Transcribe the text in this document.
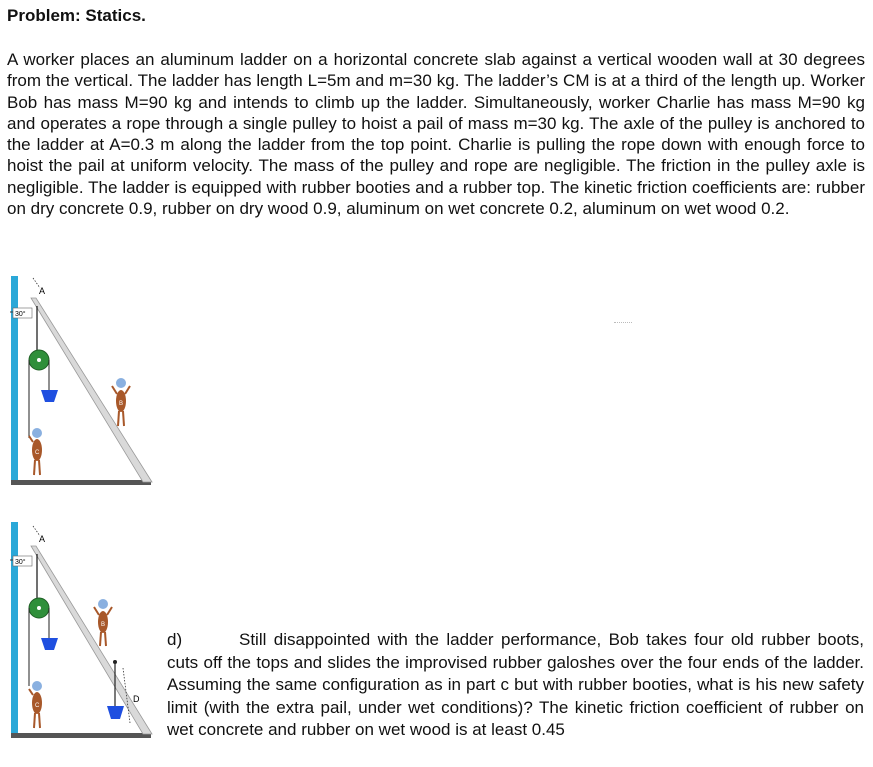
Problem: Statics.
A worker places an aluminum ladder on a horizontal concrete slab against a vertical wooden wall at 30 degrees from the vertical. The ladder has length L=5m and m=30 kg. The ladder’s CM is at a third of the length up. Worker Bob has mass M=90 kg and intends to climb up the ladder. Simultaneously, worker Charlie has mass M=90 kg and operates a rope through a single pulley to hoist a pail of mass m=30 kg. The axle of the pulley is anchored to the ladder at A=0.3 m along the ladder from the top point. Charlie is pulling the rope down with enough force to hoist the pail at uniform velocity. The mass of the pulley and rope are negligible. The friction in the pulley axle is negligible. The ladder is equipped with rubber booties and a rubber top. The kinetic friction coefficients are: rubber on dry concrete 0.9, rubber on dry wood 0.9, aluminum on wet concrete 0.2, aluminum on wet wood 0.2.
30°
A
C
B
30°
A
C
B
D
d)	Still disappointed with the ladder performance, Bob takes four old rubber boots, cuts off the tops and slides the improvised rubber galoshes over the four ends of the ladder. Assuming the same configuration as in part c but with rubber booties, what is his new safety limit (with the extra pail, under wet conditions)? The kinetic friction coefficient of rubber on wet concrete and rubber on wet wood is at least 0.45
